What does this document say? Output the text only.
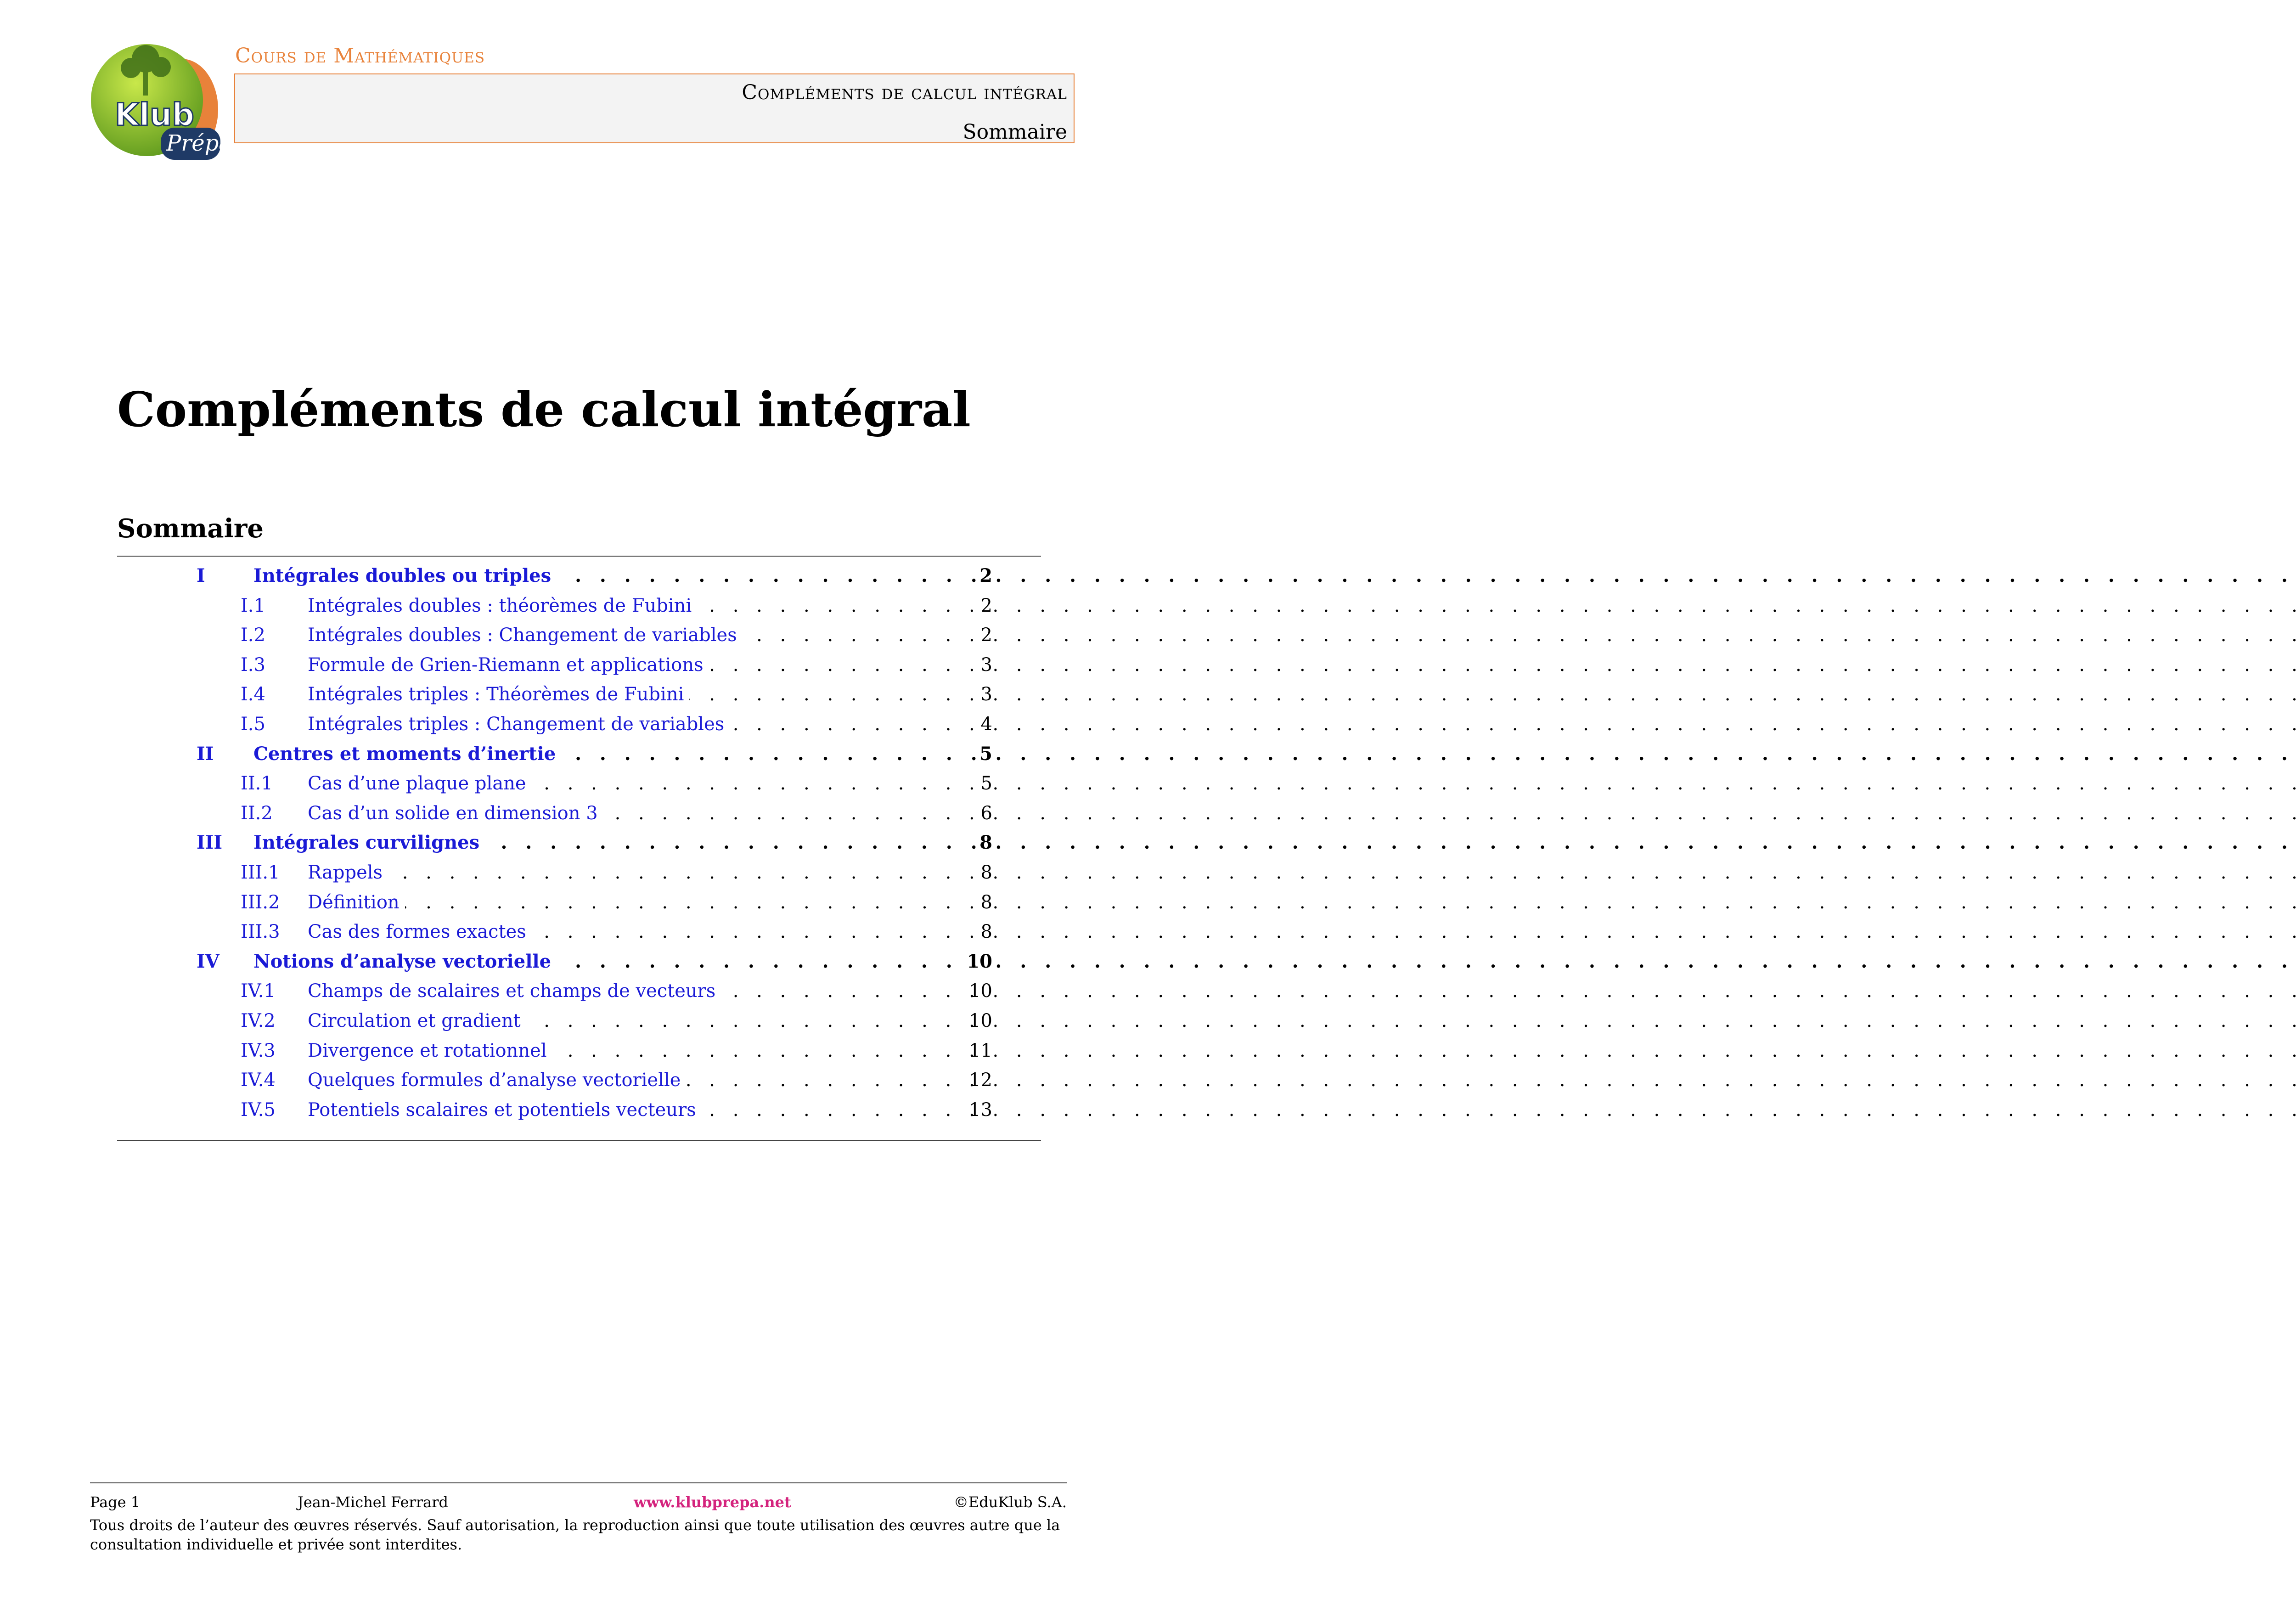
Klub
Prépa
Cours de Mathématiques
Compléments de calcul intégral
Sommaire
Compléments de calcul intégral
Sommaire
I	Intégrales doubles ou triples . . .	2
I.1 Intégrales doubles : théorèmes de Fubini . . .	2
I.2 Intégrales doubles : Changement de variables . . .	2
I.3 Formule de Grien-Riemann et applications . . .	3
I.4 Intégrales triples : Théorèmes de Fubini . . .	3
I.5 Intégrales triples : Changement de variables . . .	4
II Centres et moments d’inertie . . .	5
II.1 Cas d’une plaque plane . . .	5
II.2 Cas d’un solide en dimension 3 . . .	6
III Intégrales curvilignes . . .	8
III.1 Rappels . . .	8
III.2 Définition . . .	8
III.3 Cas des formes exactes . . .	8
IV Notions d’analyse vectorielle . . .	10
IV.1 Champs de scalaires et champs de vecteurs . . .	10
IV.2 Circulation et gradient . . .	10
IV.3 Divergence et rotationnel . . .	11
IV.4 Quelques formules d’analyse vectorielle . . .	12
IV.5 Potentiels scalaires et potentiels vecteurs . . .	13
Page 1	Jean-Michel Ferrard	www.klubprepa.net	©EduKlub S.A.
Tous droits de l’auteur des œuvres réservés. Sauf autorisation, la reproduction ainsi que toute utilisation des œuvres autre que la consultation individuelle et privée sont interdites.
